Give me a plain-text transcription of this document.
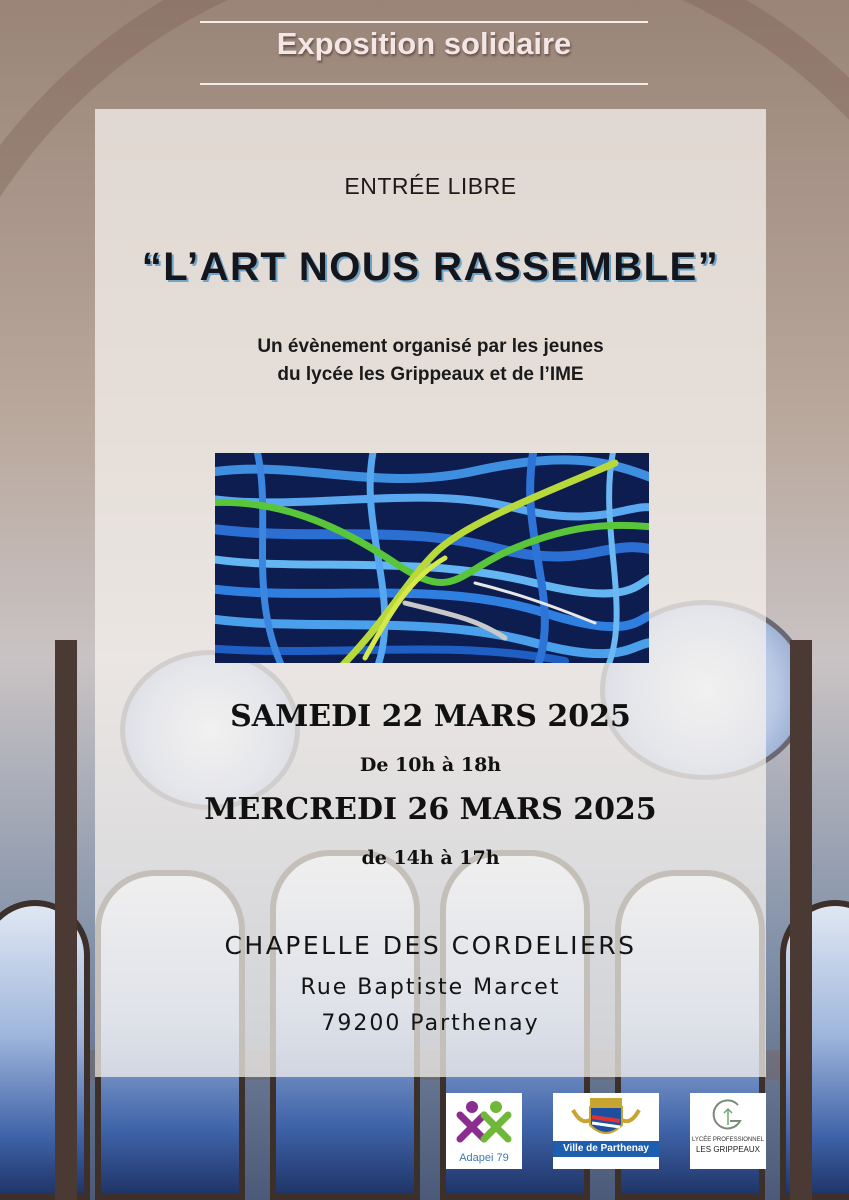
Exposition solidaire
ENTRÉE LIBRE
“L’ART NOUS RASSEMBLE”
Un évènement organisé par les jeunes
du lycée les Grippeaux et de l’IME
SAMEDI 22 MARS 2025
De 10h à 18h
MERCREDI 26 MARS 2025
de 14h à 17h
CHAPELLE DES CORDELIERS
Rue Baptiste Marcet
79200 Parthenay
Adapei 79
Ville de Parthenay
LYCÉE PROFESSIONNEL
LES GRIPPEAUX
